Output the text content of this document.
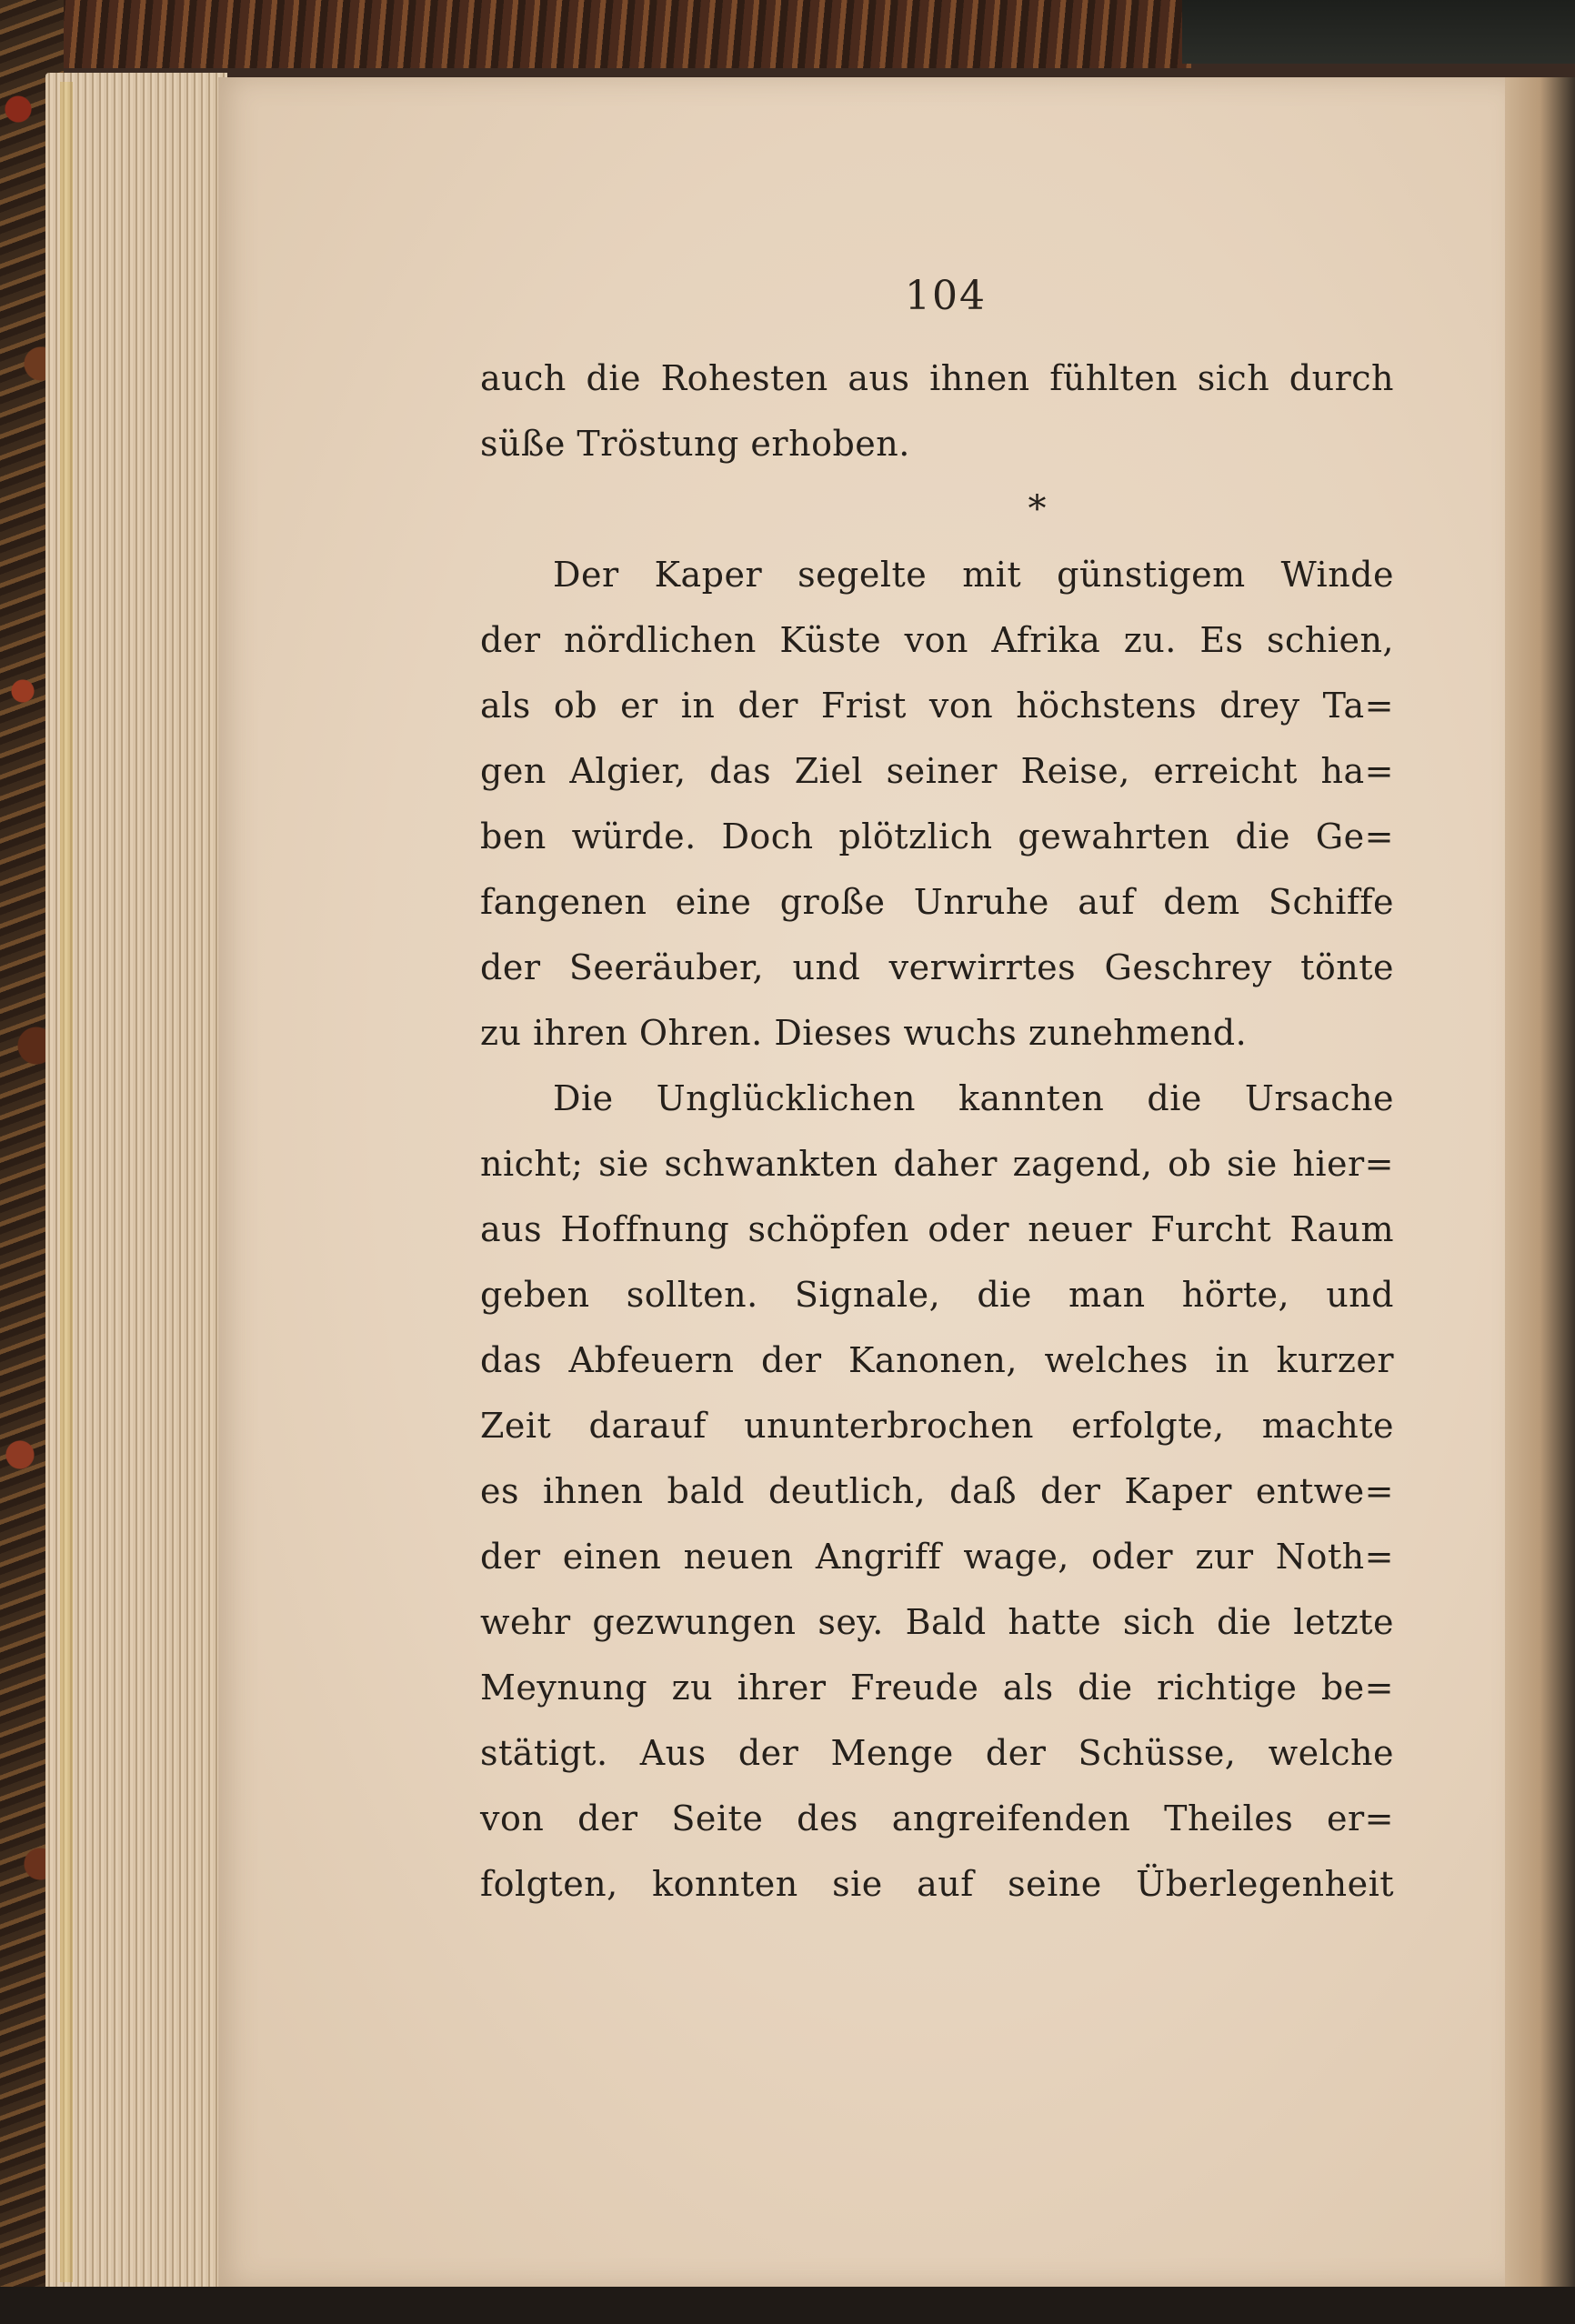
104
auch die Rohesten aus ihnen fühlten sich durch
süße Tröstung erhoben.
*
Der Kaper segelte mit günstigem Winde
der nördlichen Küste von Afrika zu. Es schien,
als ob er in der Frist von höchstens drey Ta=
gen Algier, das Ziel seiner Reise, erreicht ha=
ben würde. Doch plötzlich gewahrten die Ge=
fangenen eine große Unruhe auf dem Schiffe
der Seeräuber, und verwirrtes Geschrey tönte
zu ihren Ohren. Dieses wuchs zunehmend.
Die Unglücklichen kannten die Ursache
nicht; sie schwankten daher zagend, ob sie hier=
aus Hoffnung schöpfen oder neuer Furcht Raum
geben sollten. Signale, die man hörte, und
das Abfeuern der Kanonen, welches in kurzer
Zeit darauf ununterbrochen erfolgte, machte
es ihnen bald deutlich, daß der Kaper entwe=
der einen neuen Angriff wage, oder zur Noth=
wehr gezwungen sey. Bald hatte sich die letzte
Meynung zu ihrer Freude als die richtige be=
stätigt. Aus der Menge der Schüsse, welche
von der Seite des angreifenden Theiles er=
folgten, konnten sie auf seine Überlegenheit
